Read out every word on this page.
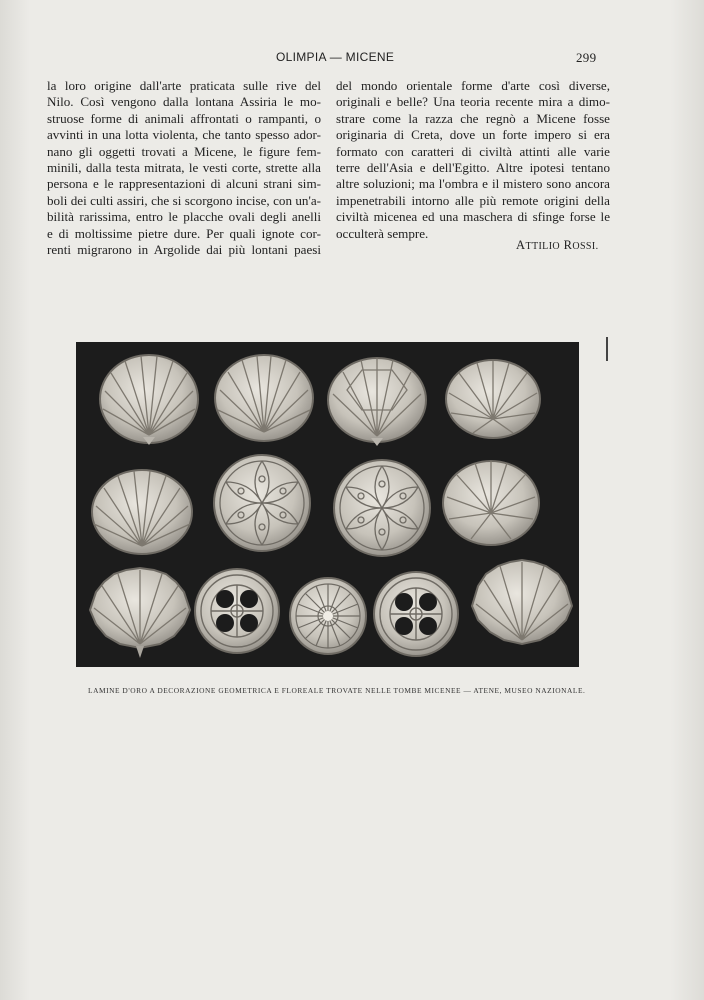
OLIMPIA — MICENE	299
la loro origine dall'arte praticata sulle rive del
Nilo. Così vengono dalla lontana Assiria le mo-
struose forme di animali affrontati o rampanti, o
avvinti in una lotta violenta, che tanto spesso ador-
nano gli oggetti trovati a Micene, le figure fem-
minili, dalla testa mitrata, le vesti corte, strette alla
persona e le rappresentazioni di alcuni strani sim-
boli dei culti assiri, che si scorgono incise, con un'a-
bilità rarissima, entro le placche ovali degli anelli
e di moltissime pietre dure. Per quali ignote cor-
renti migrarono in Argolide dai più lontani paesi
del mondo orientale forme d'arte così diverse,
originali e belle? Una teoria recente mira a dimo-
strare come la razza che regnò a Micene fosse
originaria di Creta, dove un forte impero si era
formato con caratteri di civiltà attinti alle varie
terre dell'Asia e dell'Egitto. Altre ipotesi tentano
altre soluzioni; ma l'ombra e il mistero sono ancora
impenetrabili intorno alle più remote origini della
civiltà micenea ed una maschera di sfinge forse le
occulterà sempre.
ATTILIO ROSSI.
LAMINE D'ORO A DECORAZIONE GEOMETRICA E FLOREALE TROVATE NELLE TOMBE MICENEE — ATENE, MUSEO NAZIONALE.
